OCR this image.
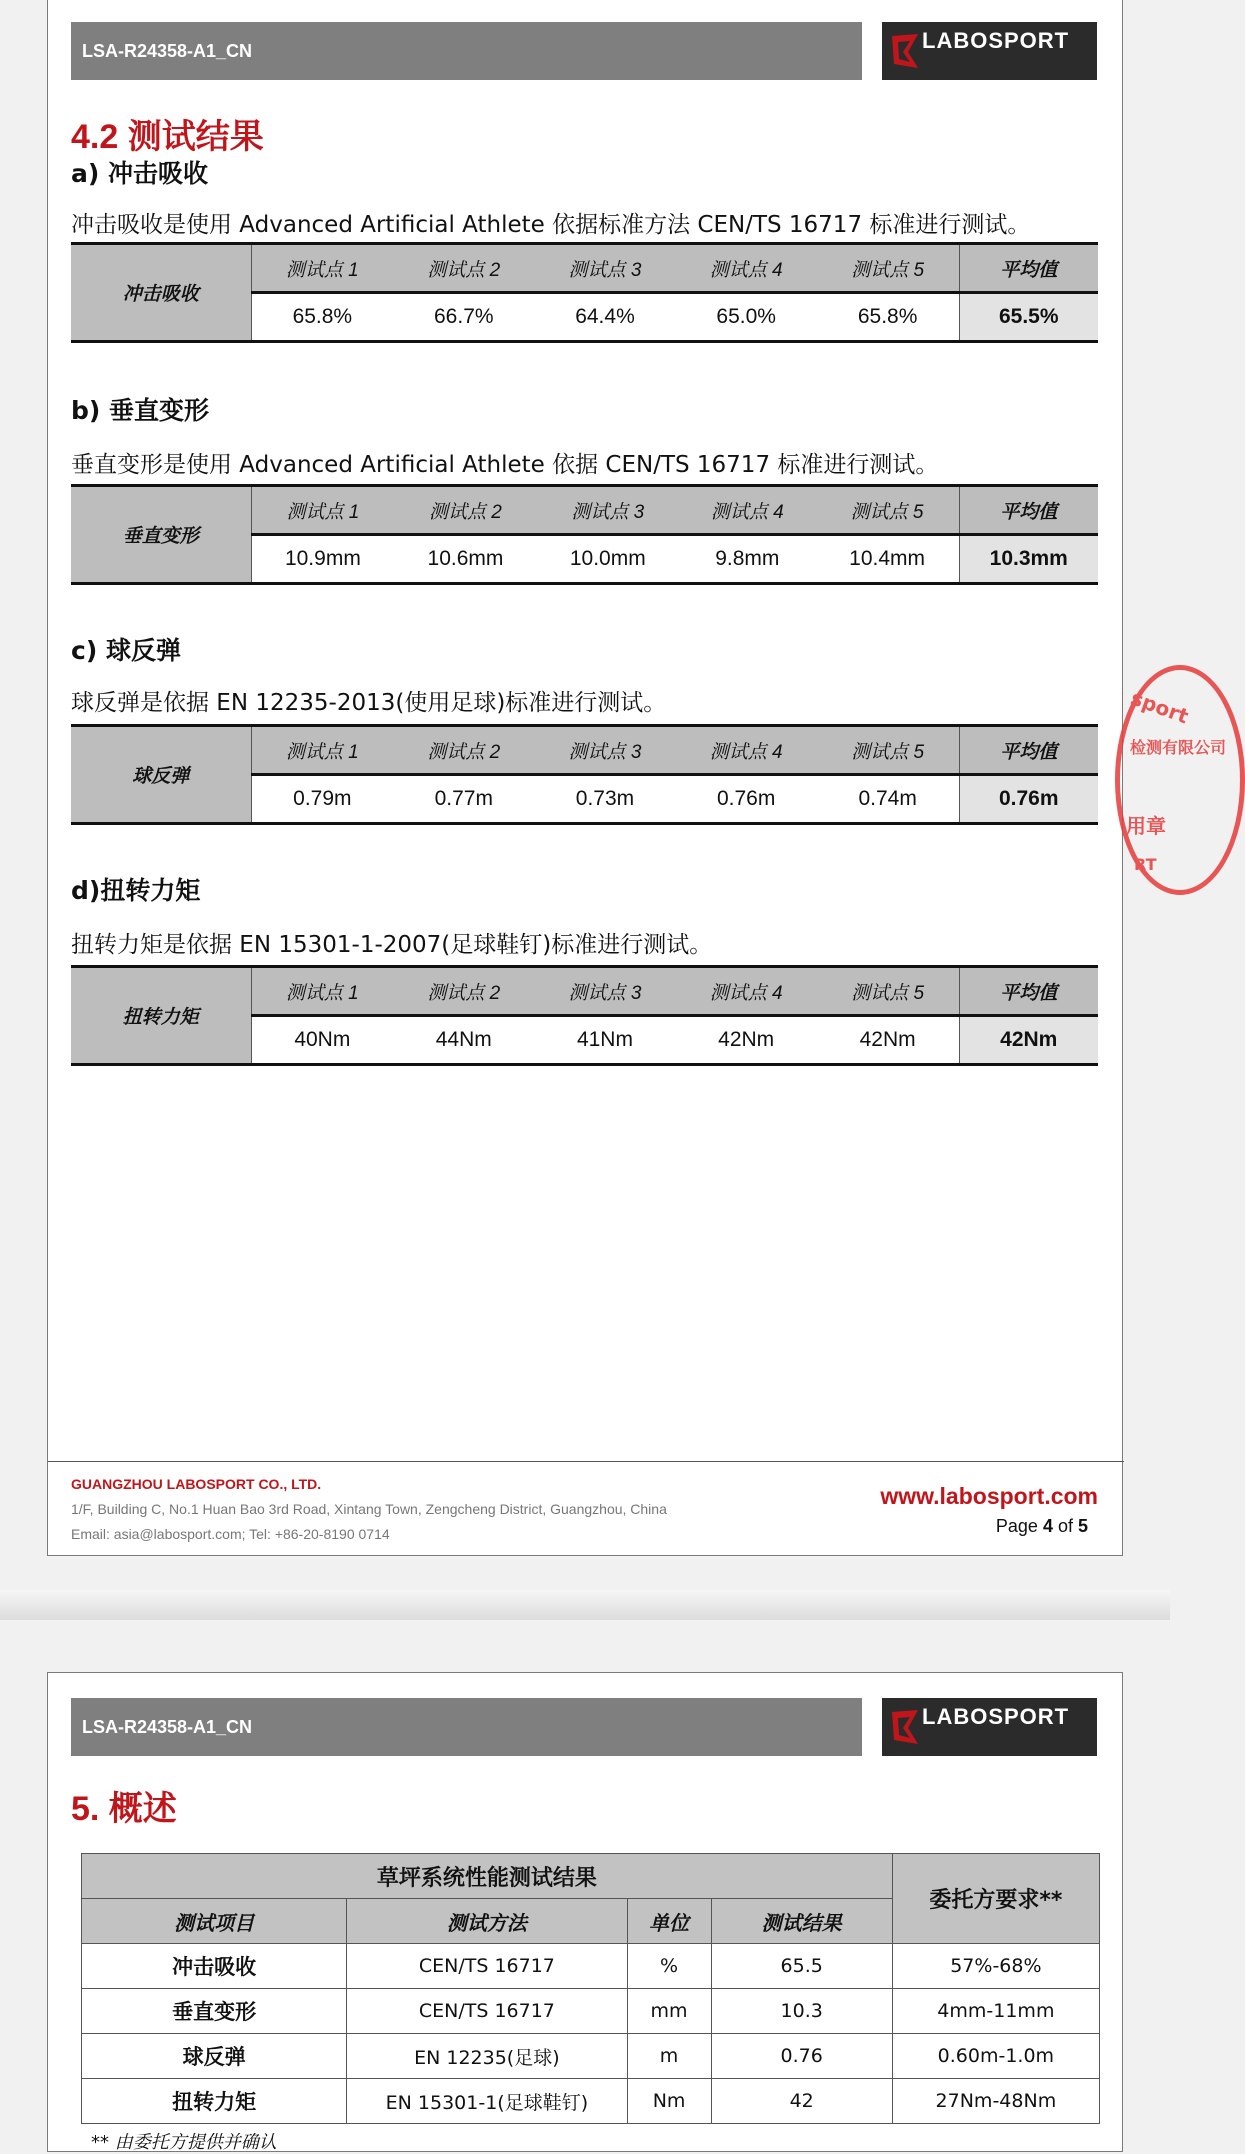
LSA-R24358-A1_CN	LABOSPORT
4.2 测试结果
a) 冲击吸收
冲击吸收是使用 Advanced Artificial Athlete 依据标准方法 CEN/TS 16717 标准进行测试。
冲击吸收	测试点 1	测试点 2	测试点 3	测试点 4	测试点 5	平均值
	65.8%	66.7%	64.4%	65.0%	65.8%	65.5%
b) 垂直变形
垂直变形是使用 Advanced Artificial Athlete 依据 CEN/TS 16717 标准进行测试。
垂直变形	测试点 1	测试点 2	测试点 3	测试点 4	测试点 5	平均值
	10.9mm	10.6mm	10.0mm	9.8mm	10.4mm	10.3mm
c) 球反弹
球反弹是依据 EN 12235-2013(使用足球)标准进行测试。
球反弹	测试点 1	测试点 2	测试点 3	测试点 4	测试点 5	平均值
	0.79m	0.77m	0.73m	0.76m	0.74m	0.76m
d)扭转力矩
扭转力矩是依据 EN 15301-1-2007(足球鞋钉)标准进行测试。
扭转力矩	测试点 1	测试点 2	测试点 3	测试点 4	测试点 5	平均值
	40Nm	44Nm	41Nm	42Nm	42Nm	42Nm
GUANGZHOU LABOSPORT CO., LTD.
1/F, Building C, No.1 Huan Bao 3rd Road, Xintang Town, Zengcheng District, Guangzhou, China
Email: asia@labosport.com; Tel: +86-20-8190 0714
www.labosport.com
Page 4 of 5
sport
检测有限公司
用章
RT
LSA-R24358-A1_CN	LABOSPORT
5. 概述
草坪系统性能测试结果				委托方要求**
测试项目	测试方法	单位	测试结果	
冲击吸收	CEN/TS 16717	%	65.5	57%-68%
垂直变形	CEN/TS 16717	mm	10.3	4mm-11mm
球反弹	EN 12235(足球)	m	0.76	0.60m-1.0m
扭转力矩	EN 15301-1(足球鞋钉)	Nm	42	27Nm-48Nm
** 由委托方提供并确认
